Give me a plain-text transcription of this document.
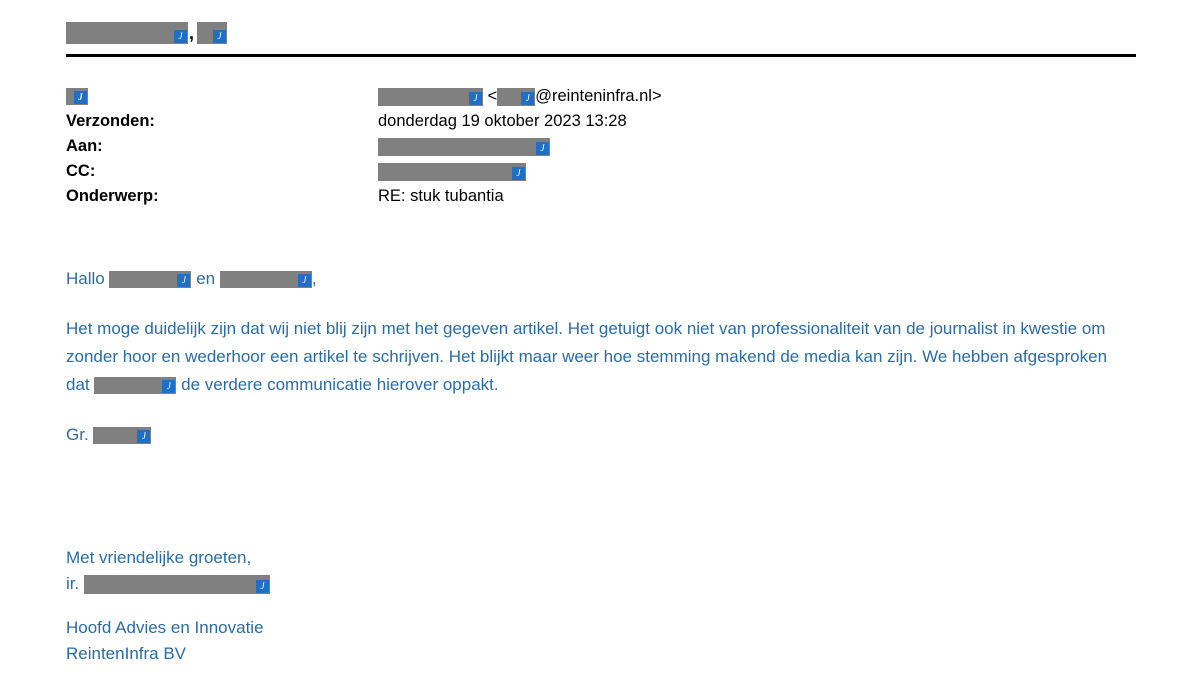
J ,	J
J	J <	J @reinteninfra.nl>
Verzonden:	donderdag 19 oktober 2023 13:28
Aan:	J
CC:	J
Onderwerp:	RE: stuk tubantia
Hallo	J en	J ,
Het moge duidelijk zijn dat wij niet blij zijn met het gegeven artikel. Het getuigt ook niet van professionaliteit van de journalist in kwestie om zonder hoor en wederhoor een artikel te schrijven. Het blijkt maar weer hoe stemming makend de media kan zijn. We hebben afgesproken dat	J de verdere communicatie hierover oppakt.
Gr.	J
Met vriendelijke groeten,
ir.	J
Hoofd Advies en Innovatie
ReintenInfra BV
